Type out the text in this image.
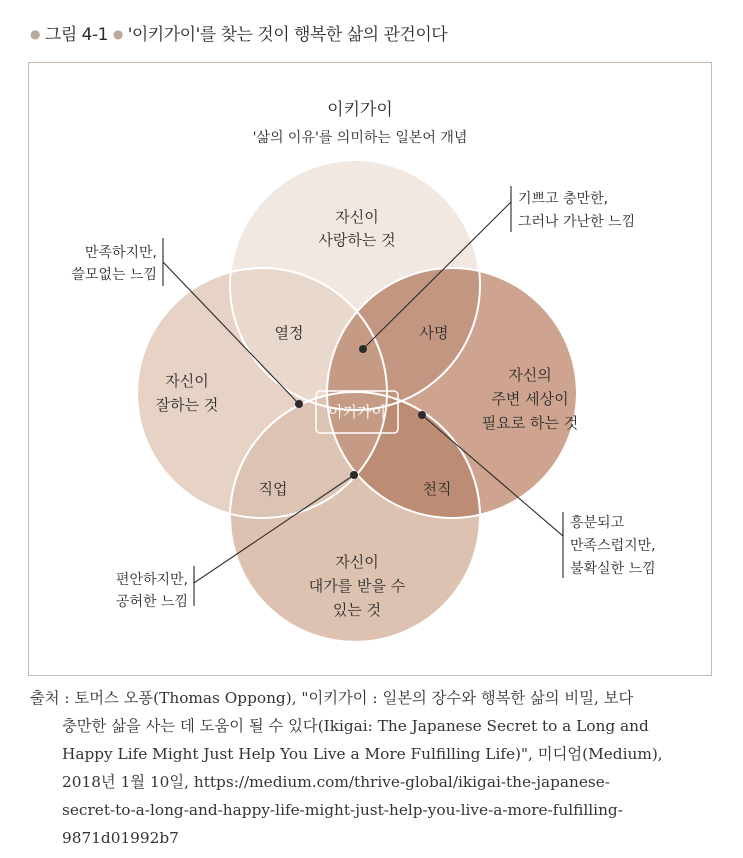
● 그림 4-1 ● '이키가이'를 찾는 것이 행복한 삶의 관건이다
이키가이
'삶의 이유'를 의미하는 일본어 개념
자신이
사랑하는 것
자신이
잘하는 것
자신의
주변 세상이
필요로 하는 것
자신이
대가를 받을 수
있는 것
열정	사명
직업	천직
이키가이
만족하지만,
쓸모없는 느낌
기쁘고 충만한,
그러나 가난한 느낌
편안하지만,
공허한 느낌
흥분되고
만족스럽지만,
불확실한 느낌
출처 : 토머스 오퐁(Thomas Oppong), "이키가이 : 일본의 장수와 행복한 삶의 비밀, 보다
충만한 삶을 사는 데 도움이 될 수 있다(Ikigai: The Japanese Secret to a Long and
Happy Life Might Just Help You Live a More Fulfilling Life)", 미디엄(Medium),
2018년 1월 10일, https://medium.com/thrive-global/ikigai-the-japanese-
secret-to-a-long-and-happy-life-might-just-help-you-live-a-more-fulfilling-
9871d01992b7
